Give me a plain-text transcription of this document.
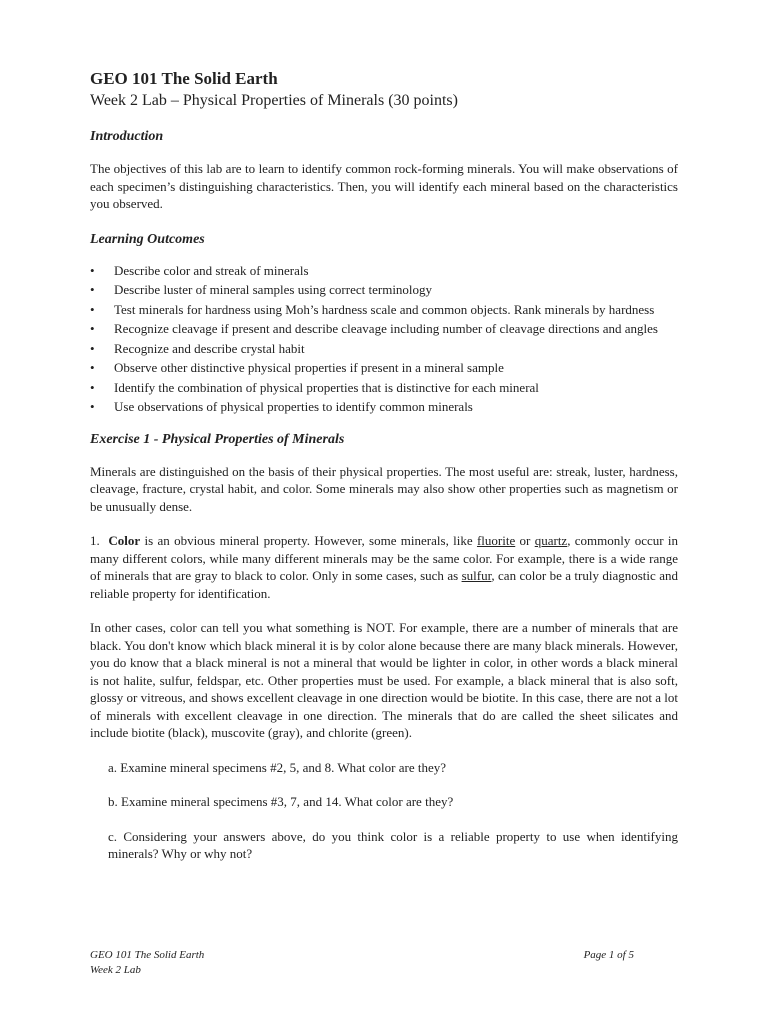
GEO 101 The Solid Earth
Week 2 Lab – Physical Properties of Minerals (30 points)
Introduction

The objectives of this lab are to learn to identify common rock-forming minerals. You will make observations of each specimen’s distinguishing characteristics. Then, you will identify each mineral based on the characteristics you observed.

Learning Outcomes
• Describe color and streak of minerals
• Describe luster of mineral samples using correct terminology
• Test minerals for hardness using Moh’s hardness scale and common objects. Rank minerals by hardness
• Recognize cleavage if present and describe cleavage including number of cleavage directions and angles
• Recognize and describe crystal habit
• Observe other distinctive physical properties if present in a mineral sample
• Identify the combination of physical properties that is distinctive for each mineral
• Use observations of physical properties to identify common minerals
Exercise 1 - Physical Properties of Minerals

Minerals are distinguished on the basis of their physical properties. The most useful are: streak, luster, hardness, cleavage, fracture, crystal habit, and color. Some minerals may also show other properties such as magnetism or be unusually dense.

1. Color is an obvious mineral property. However, some minerals, like fluorite or quartz, commonly occur in many different colors, while many different minerals may be the same color. For example, there is a wide range of minerals that are gray to black to color. Only in some cases, such as sulfur, can color be a truly diagnostic and reliable property for identification.

In other cases, color can tell you what something is NOT. For example, there are a number of minerals that are black. You don't know which black mineral it is by color alone because there are many black minerals. However, you do know that a black mineral is not a mineral that would be lighter in color, in other words a black mineral is not halite, sulfur, feldspar, etc. Other properties must be used. For example, a black mineral that is also soft, glossy or vitreous, and shows excellent cleavage in one direction would be biotite. In this case, there are not a lot of minerals with excellent cleavage in one direction. The minerals that do are called the sheet silicates and include biotite (black), muscovite (gray), and chlorite (green).

a. Examine mineral specimens #2, 5, and 8. What color are they?
b. Examine mineral specimens #3, 7, and 14. What color are they?
c. Considering your answers above, do you think color is a reliable property to use when identifying minerals? Why or why not?
GEO 101 The Solid Earth	Page 1 of 5
Week 2 Lab
